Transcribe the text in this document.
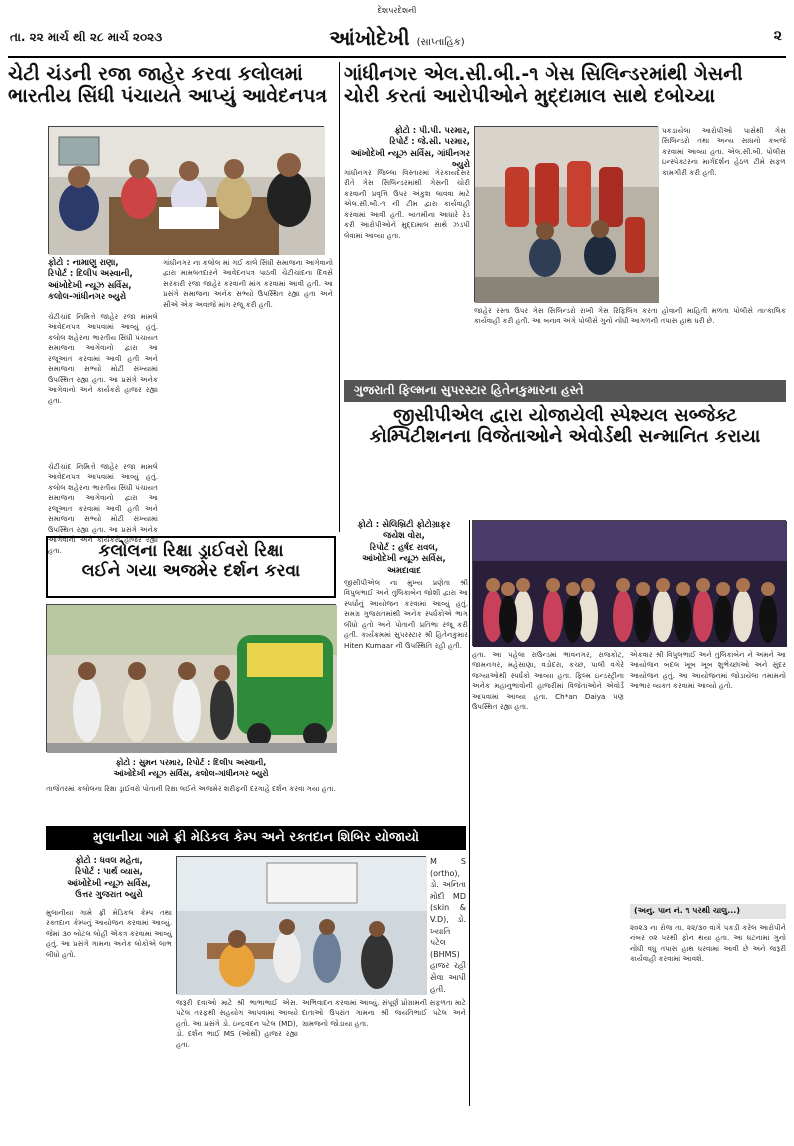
દેશપરદેશની
તા. ૨૨ માર્ચ થી ૨૮ માર્ચ ૨૦૨૩	આંખોદેખી (સાપ્તાહિક)	૨
ચેટી ચંડની રજા જાહેર કરવા કલોલમાં
ભારતીય સિંધી પંચાયતે આપ્યું આવેદનપત્ર
ફોટો : નામાણુ રાણા,
રિપોર્ટ : દિલીપ અસ્વાની,
આંખોદેખી ન્યૂઝ સર્વિસ,
કલોલ-ગાંધીનગર બ્યુરો
ચેટીચાંદ નિમિત્તે જાહેર રજા મામલે આવેદનપત્ર આપવામાં આવ્યું હતું. કલોલ શહેરના ભારતીય સિંધી પંચાયત સમાજના આગેવાનો દ્વારા આ રજૂઆત કરવામાં આવી હતી અને સમાજના સભ્યો મોટી સંખ્યામાં ઉપસ્થિત રહ્યા હતા. આ પ્રસંગે અનેક આગેવાનો અને કાર્યકરો હાજર રહ્યા હતા.
ગાંધીનગર ના કલોલ માં ગઈ કાલે સિંધી સમાજના આગેવાનો દ્વારા મામલતદારને આવેદનપત્ર પાઠવી ચેટીચાંદના દિવસે સરકારી રજા જાહેર કરવાની માંગ કરવામાં આવી હતી. આ પ્રસંગે સમાજના અનેક સભ્યો ઉપસ્થિત રહ્યા હતા અને સૌએ એક અવાજે માંગ રજૂ કરી હતી.
ચેટીચાંદ નિમિત્તે જાહેર રજા મામલે આવેદનપત્ર આપવામાં આવ્યું હતું. કલોલ શહેરના ભારતીય સિંધી પંચાયત સમાજના આગેવાનો દ્વારા આ રજૂઆત કરવામાં આવી હતી અને સમાજના સભ્યો મોટી સંખ્યામાં ઉપસ્થિત રહ્યા હતા. આ પ્રસંગે અનેક આગેવાનો અને કાર્યકરો હાજર રહ્યા હતા.
ગાંધીનગર એલ.સી.બી.-૧ ગેસ સિલિન્ડરમાંથી ગેસની
ચોરી કરતાં આરોપીઓને મુદ્દામાલ સાથે દબોચ્યા
ફોટો : પી.પી. પરમાર,
રિપોર્ટ : જે.સી. પરમાર,
આંખોદેખી ન્યૂઝ સર્વિસ, ગાંધીનગર બ્યુરો
ગાંધીનગર જિલ્લા વિસ્તારમાં ગેરકાયદેસર રીતે ગેસ સિલિન્ડરમાંથી ગેસની ચોરી કરવાની પ્રવૃત્તિ ઉપર અંકુશ લાવવા માટે એલ.સી.બી.-૧ ની ટીમ દ્વારા કાર્યવાહી કરવામાં આવી હતી. બાતમીના આધારે રેડ કરી આરોપીઓને મુદ્દામાલ સાથે ઝડપી લેવામાં આવ્યા હતા.
પકડાયેલા આરોપીઓ પાસેથી ગેસ સિલિન્ડરો તથા અન્ય સાધનો કબજે કરવામાં આવ્યા હતા. એલ.સી.બી. પોલીસ ઇન્સ્પેક્ટરના માર્ગદર્શન હેઠળ ટીમે સફળ કામગીરી કરી હતી.
જાહેર રસ્તા ઉપર ગેસ સિલિન્ડરો રાખી ગેસ રિફિલિંગ કરતા હોવાની માહિતી મળતા પોલીસે તાત્કાલિક કાર્યવાહી કરી હતી. આ બનાવ અંગે પોલીસે ગુનો નોંધી આગળની તપાસ હાથ ધરી છે.
ગુજરાતી ફિલ્મના સુપરસ્ટાર હિતેનકુમારના હસ્તે
જીસીપીએલ દ્વારા યોજાયેલી સ્પેશ્યલ સબ્જેક્ટ
કોમ્પિટીશનના વિજેતાઓને એવોર્ડથી સન્માનિત કરાયા
ફોટો : સેલિબ્રિટી ફોટોગ્રાફર
જયેશ વોરા,
રિપોર્ટ : હર્ષદ રાવલ,
આંખોદેખી ન્યૂઝ સર્વિસ, અમદાવાદ
જીસીપીએલ ના મુખ્ય પ્રણેતા શ્રી વિપુલભાઈ અને તુલિકાબેન જોશી દ્વારા આ સ્પર્ધાનું આયોજન કરવામાં આવ્યું હતું. સમગ્ર ગુજરાતમાંથી અનેક સ્પર્ધકોએ ભાગ લીધો હતો અને પોતાની પ્રતિભા રજૂ કરી હતી. કાર્યક્રમમાં સુપરસ્ટાર શ્રી હિતેનકુમાર Hiten Kumaar ની ઉપસ્થિતિ રહી હતી.
હતા. આ પહેલા રાઉન્ડમાં ભાવનગર, રાજકોટ, જામનગર, મહેસાણા, વડોદરા, કચ્છ, પાલી વગેરે જગ્યાઓથી સ્પર્ધકો આવ્યા હતા. ફિલ્મ ઇન્ડસ્ટ્રીના અનેક મહાનુભાવોની હાજરીમાં વિજેતાઓને એવોર્ડ આપવામાં આવ્યા હતા. Ch*an Daiya પણ ઉપસ્થિત રહ્યા હતા.
એકવાર શ્રી વિપુલભાઈ અને તુલિકાબેન ને અમને આ આયોજન બદલ ખૂબ ખૂબ શુભેચ્છાઓ અને સુંદર આયોજન હતું. આ આયોજનમાં જોડાયેલા તમામનો આભાર વ્યક્ત કરવામાં આવ્યો હતો.
(અનુ. પાન નં. ૧ પરથી ચાલુ...)
૨૦૨૩ ના રોજ તા. ૨૨/૩૦ વાગે પકડી કરેલ આરોપીને નંબર ૦૨ પરથી ફોન થયા હતા. આ ઘટનામાં ગુનો નોંધી વધુ તપાસ હાથ ધરવામાં આવી છે અને જરૂરી કાર્યવાહી કરવામાં આવશે.
કલોલના રિક્ષા ડ્રાઈવરો રિક્ષા
લઈને ગયા અજમેર દર્શન કરવા
ફોટો : સુમન પરમાર, રિપોર્ટ : દિલીપ અસ્વાની,
આંખોદેખી ન્યૂઝ સર્વિસ, કલોલ-ગાંધીનગર બ્યુરો
તાજેતરમાં કલોલના રિક્ષા ડ્રાઈવરો પોતાની રિક્ષા લઈને અજમેર શરીફની દરગાહે દર્શન કરવા ગયા હતા.
મુલાનીયા ગામે ફ્રી મેડિકલ કેમ્પ અને રક્તદાન શિબિર યોજાયો
ફોટો : ધવલ મહેતા,
રિપોર્ટ : પાર્થ વ્યાસ,
આંખોદેખી ન્યૂઝ સર્વિસ,
ઉત્તર ગુજરાત બ્યુરો
મુલાનીયા ગામે ફ્રી મેડિકલ કેમ્પ તથા રક્તદાન કેમ્પનું આયોજન કરવામાં આવ્યું. જેમાં ૩૦ બોટલ લોહી એકત્ર કરવામાં આવ્યું હતું. આ પ્રસંગે ગામના અનેક લોકોએ લાભ લીધો હતો.
M S (ortho), ડો. અનિતા મોદી MD (skin & V.D), ડો. ખ્યાતિ પટેલ (BHMS) હાજર રહી સેવા આપી હતી.
જરૂરી દવાઓ માટે શ્રી ભાભાભાઈ એસ. પટેલ તરફથી સહયોગ આપવામાં આવ્યો હતો. આ પ્રસંગે ડો. ઇન્દ્રવદન પટેલ (MD), ડો. દર્શન ભાઈ MS (ઓર્થો) હાજર રહ્યા હતા.
અભિવાદન કરવામાં આવ્યું. સંપૂર્ણ પ્રોગ્રામની સફળતા માટે દાતાઓ ઉપરાંત ગામના શ્રી જયંતિભાઈ પટેલ અને ગ્રામજનો જોડાયા હતા.
